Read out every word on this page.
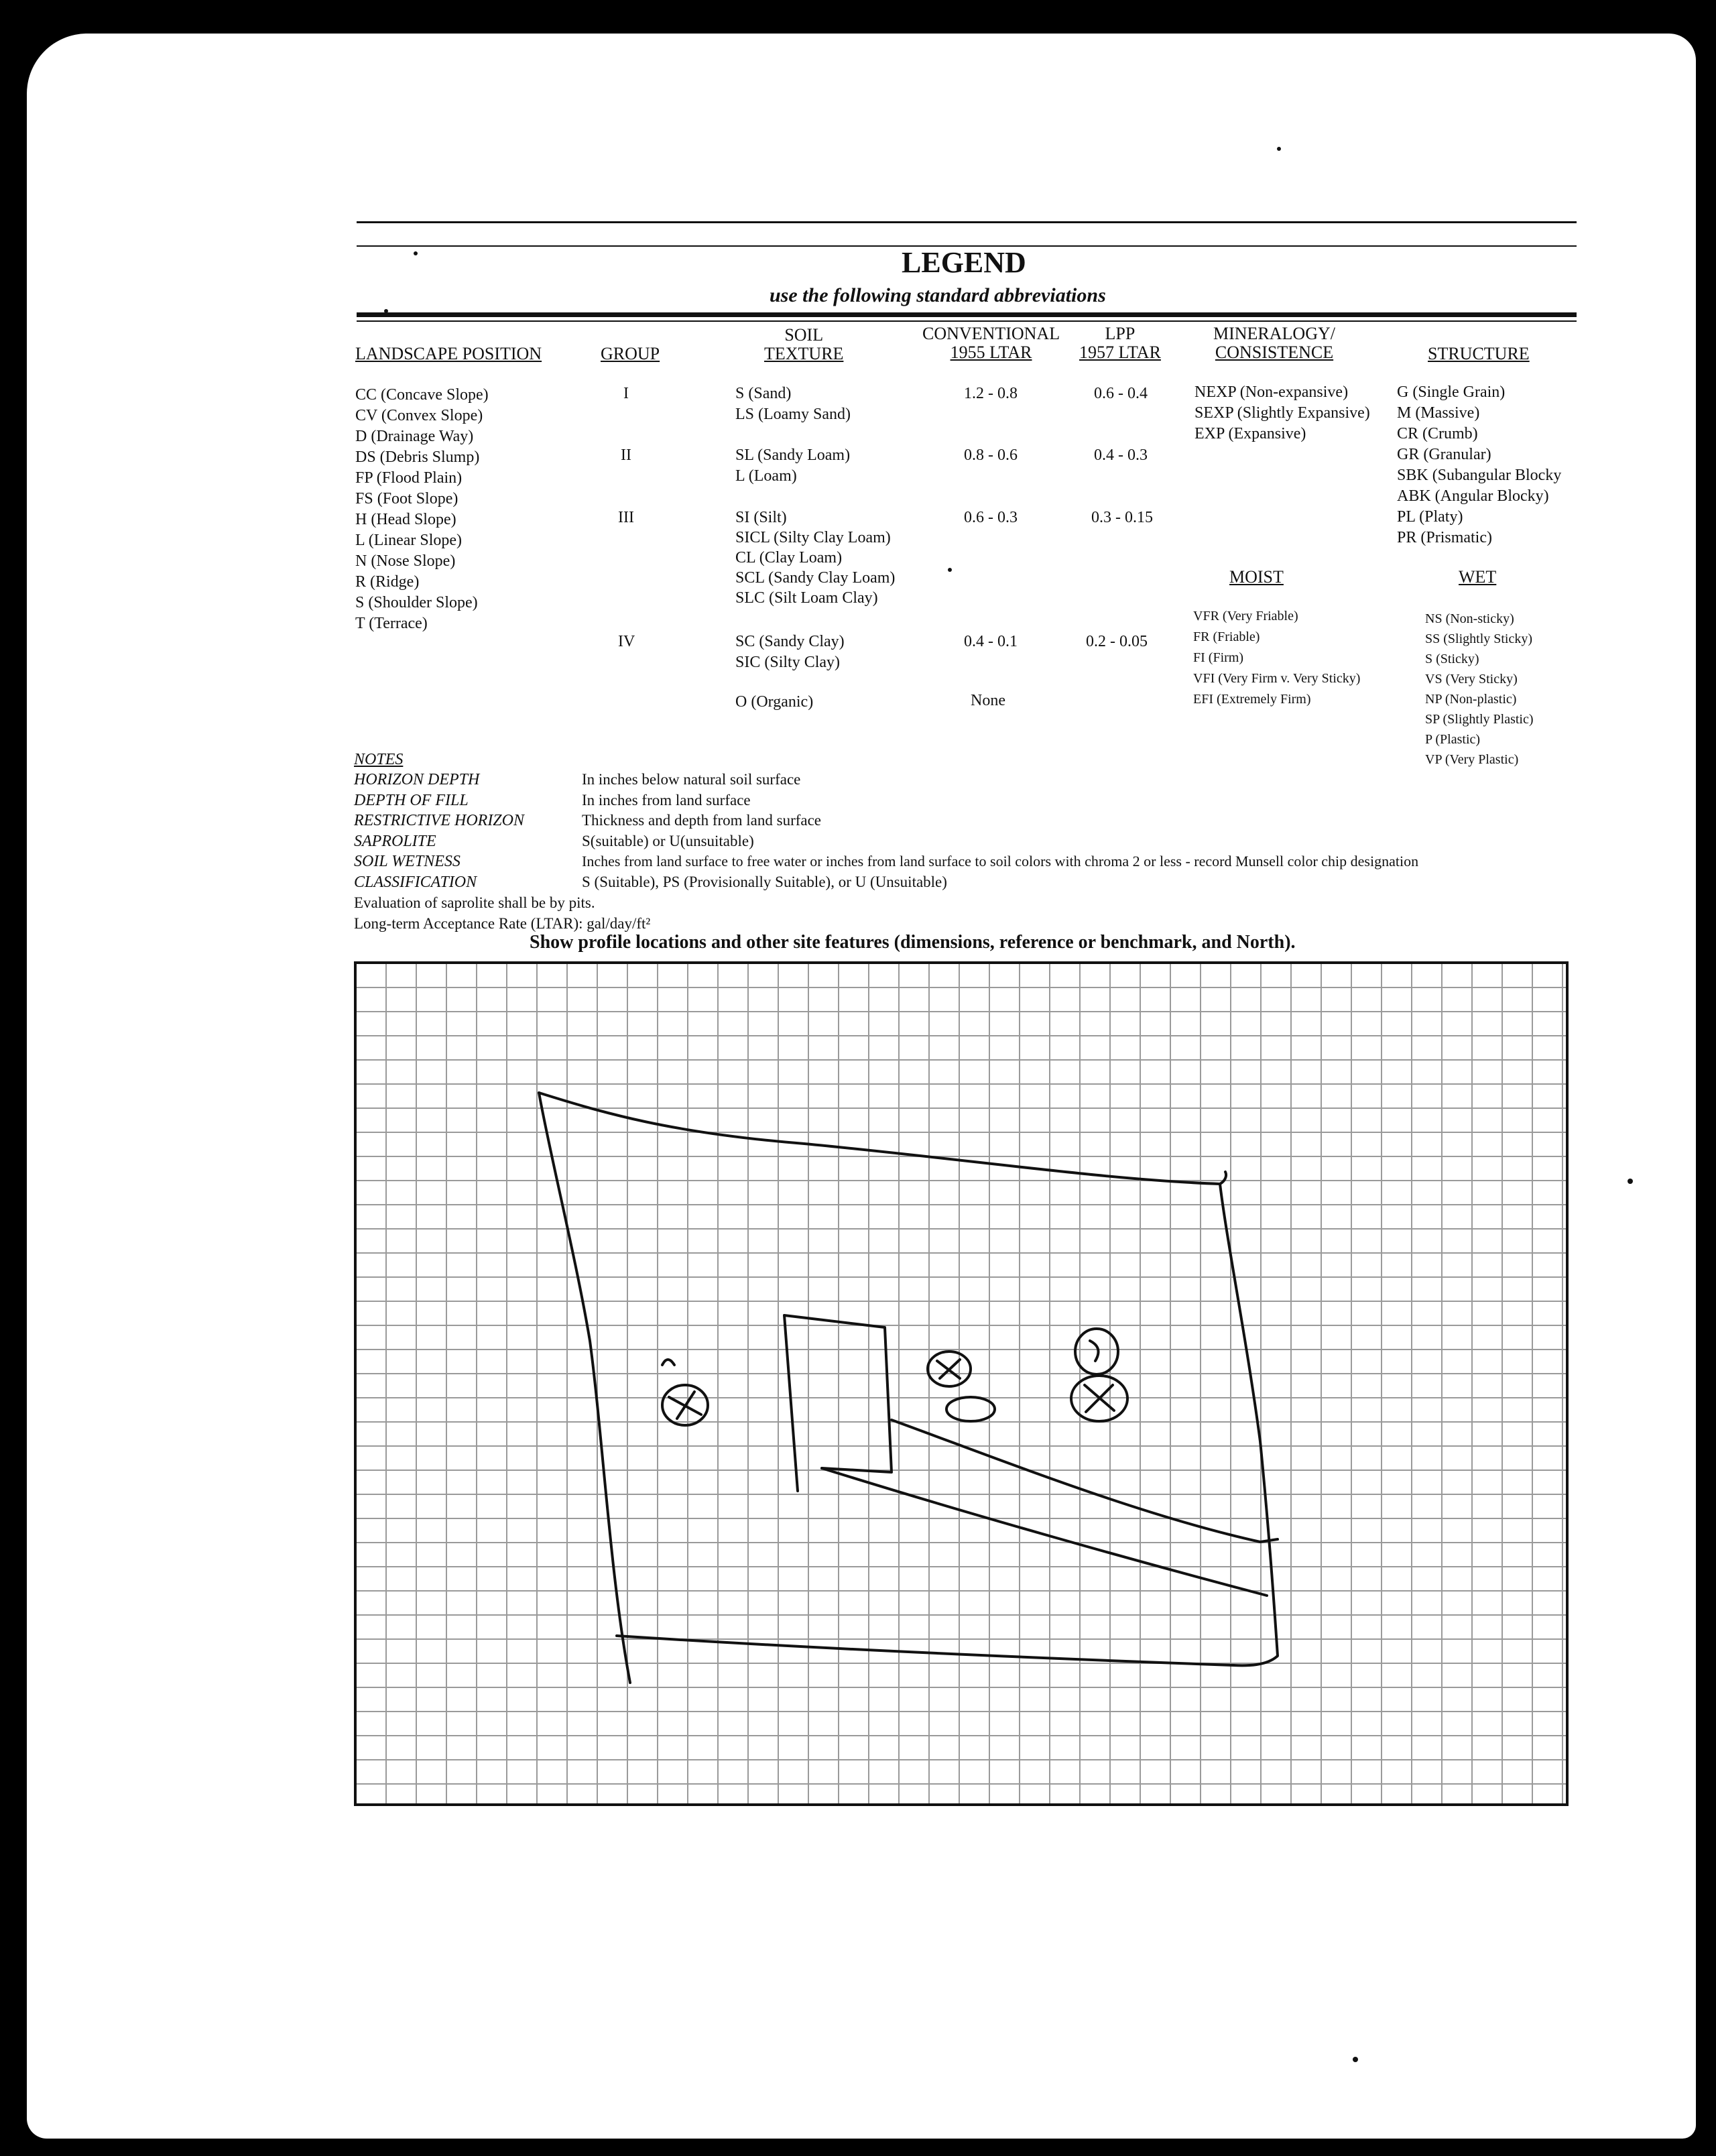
LEGEND
use the following standard abbreviations
LANDSCAPE POSITION	GROUP
SOIL
TEXTURE
CONVENTIONAL
1955 LTAR
LPP
1957 LTAR
MINERALOGY/
CONSISTENCE	STRUCTURE
CC (Concave Slope)
CV (Convex Slope)
D (Drainage Way)
DS (Debris Slump)
FP (Flood Plain)
FS (Foot Slope)
H (Head Slope)
L (Linear Slope)
N (Nose Slope)
R (Ridge)
S (Shoulder Slope)
T (Terrace)
I
II
III
IV
S (Sand)
LS (Loamy Sand)
SL (Sandy Loam)
L (Loam)
SI (Silt)
SICL (Silty Clay Loam)
CL (Clay Loam)
SCL (Sandy Clay Loam)
SLC (Silt Loam Clay)
SC (Sandy Clay)
SIC (Silty Clay)
O (Organic)
1.2 - 0.8
0.8 - 0.6
0.6 - 0.3
0.4 - 0.1
None
0.6 - 0.4
0.4 - 0.3
0.3 - 0.15
0.2 - 0.05
NEXP (Non-expansive)
SEXP (Slightly Expansive)
EXP (Expansive)
G (Single Grain)
M (Massive)
CR (Crumb)
GR (Granular)
SBK (Subangular Blocky
ABK (Angular Blocky)
PL (Platy)
PR (Prismatic)
MOIST
VFR (Very Friable)
FR (Friable)
FI (Firm)
VFI (Very Firm v. Very Sticky)
EFI (Extremely Firm)
WET
NS (Non-sticky)
SS (Slightly Sticky)
S (Sticky)
VS (Very Sticky)
NP (Non-plastic)
SP (Slightly Plastic)
P (Plastic)
VP (Very Plastic)
NOTES
HORIZON DEPTH
DEPTH OF FILL
RESTRICTIVE HORIZON
SAPROLITE
SOIL WETNESS
CLASSIFICATION
In inches below natural soil surface
In inches from land surface
Thickness and depth from land surface
S(suitable) or U(unsuitable)
Inches from land surface to free water or inches from land surface to soil colors with chroma 2 or less - record Munsell color chip designation
S (Suitable), PS (Provisionally Suitable), or U (Unsuitable)
Evaluation of saprolite shall be by pits.
Long-term Acceptance Rate (LTAR): gal/day/ft²
Show profile locations and other site features (dimensions, reference or benchmark, and North).
